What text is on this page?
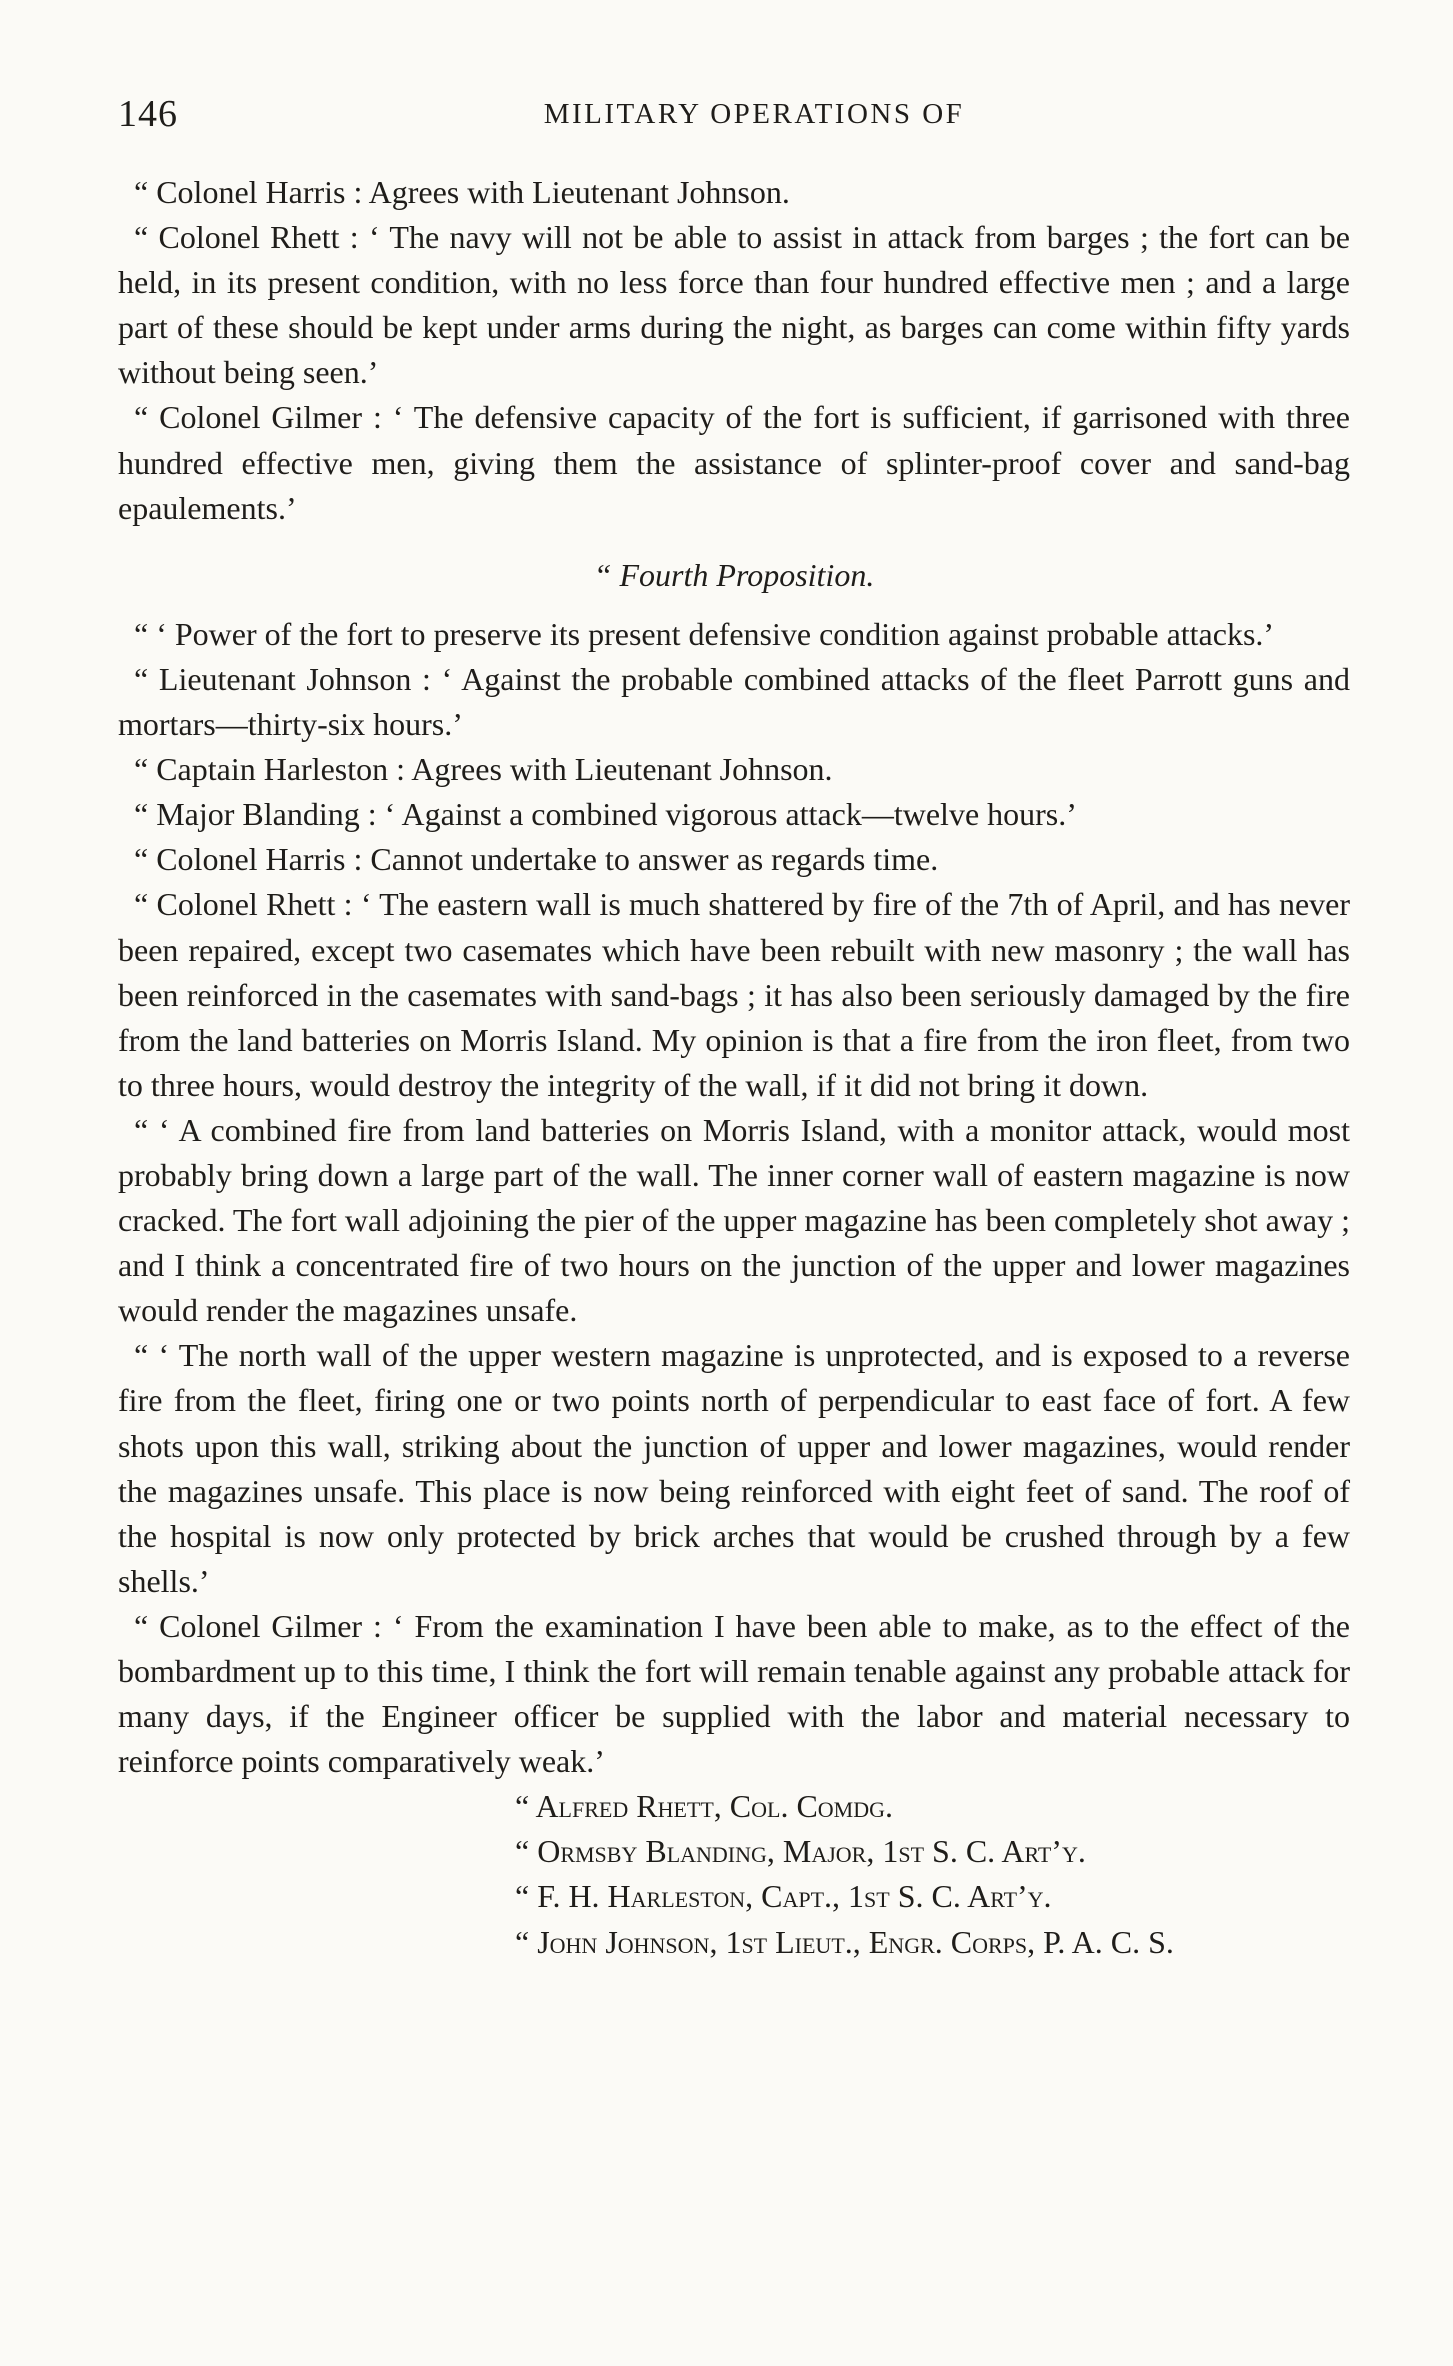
146	MILITARY OPERATIONS OF

“ Colonel Harris : Agrees with Lieutenant Johnson.

“ Colonel Rhett : ‘ The navy will not be able to assist in attack from barges ; the fort can be held, in its present condition, with no less force than four hundred effective men ; and a large part of these should be kept under arms during the night, as barges can come within fifty yards without being seen.’

“ Colonel Gilmer : ‘ The defensive capacity of the fort is sufficient, if garrisoned with three hundred effective men, giving them the assistance of splinter-proof cover and sand-bag epaulements.’

“ Fourth Proposition.

“ ‘ Power of the fort to preserve its present defensive condition against probable attacks.’

“ Lieutenant Johnson : ‘ Against the probable combined attacks of the fleet Parrott guns and mortars—thirty-six hours.’

“ Captain Harleston : Agrees with Lieutenant Johnson.

“ Major Blanding : ‘ Against a combined vigorous attack—twelve hours.’

“ Colonel Harris : Cannot undertake to answer as regards time.

“ Colonel Rhett : ‘ The eastern wall is much shattered by fire of the 7th of April, and has never been repaired, except two casemates which have been rebuilt with new masonry ; the wall has been reinforced in the casemates with sand-bags ; it has also been seriously damaged by the fire from the land batteries on Morris Island. My opinion is that a fire from the iron fleet, from two to three hours, would destroy the integrity of the wall, if it did not bring it down.

“ ‘ A combined fire from land batteries on Morris Island, with a monitor attack, would most probably bring down a large part of the wall. The inner corner wall of eastern magazine is now cracked. The fort wall adjoining the pier of the upper magazine has been completely shot away ; and I think a concentrated fire of two hours on the junction of the upper and lower magazines would render the magazines unsafe.

“ ‘ The north wall of the upper western magazine is unprotected, and is exposed to a reverse fire from the fleet, firing one or two points north of perpendicular to east face of fort. A few shots upon this wall, striking about the junction of upper and lower magazines, would render the magazines unsafe. This place is now being reinforced with eight feet of sand. The roof of the hospital is now only protected by brick arches that would be crushed through by a few shells.’

“ Colonel Gilmer : ‘ From the examination I have been able to make, as to the effect of the bombardment up to this time, I think the fort will remain tenable against any probable attack for many days, if the Engineer officer be supplied with the labor and material necessary to reinforce points comparatively weak.’

“ Alfred Rhett, Col. Comdg.
“ Ormsby Blanding, Major, 1st S. C. Art’y.
“ F. H. Harleston, Capt., 1st S. C. Art’y.
“ John Johnson, 1st Lieut., Engr. Corps, P. A. C. S.
